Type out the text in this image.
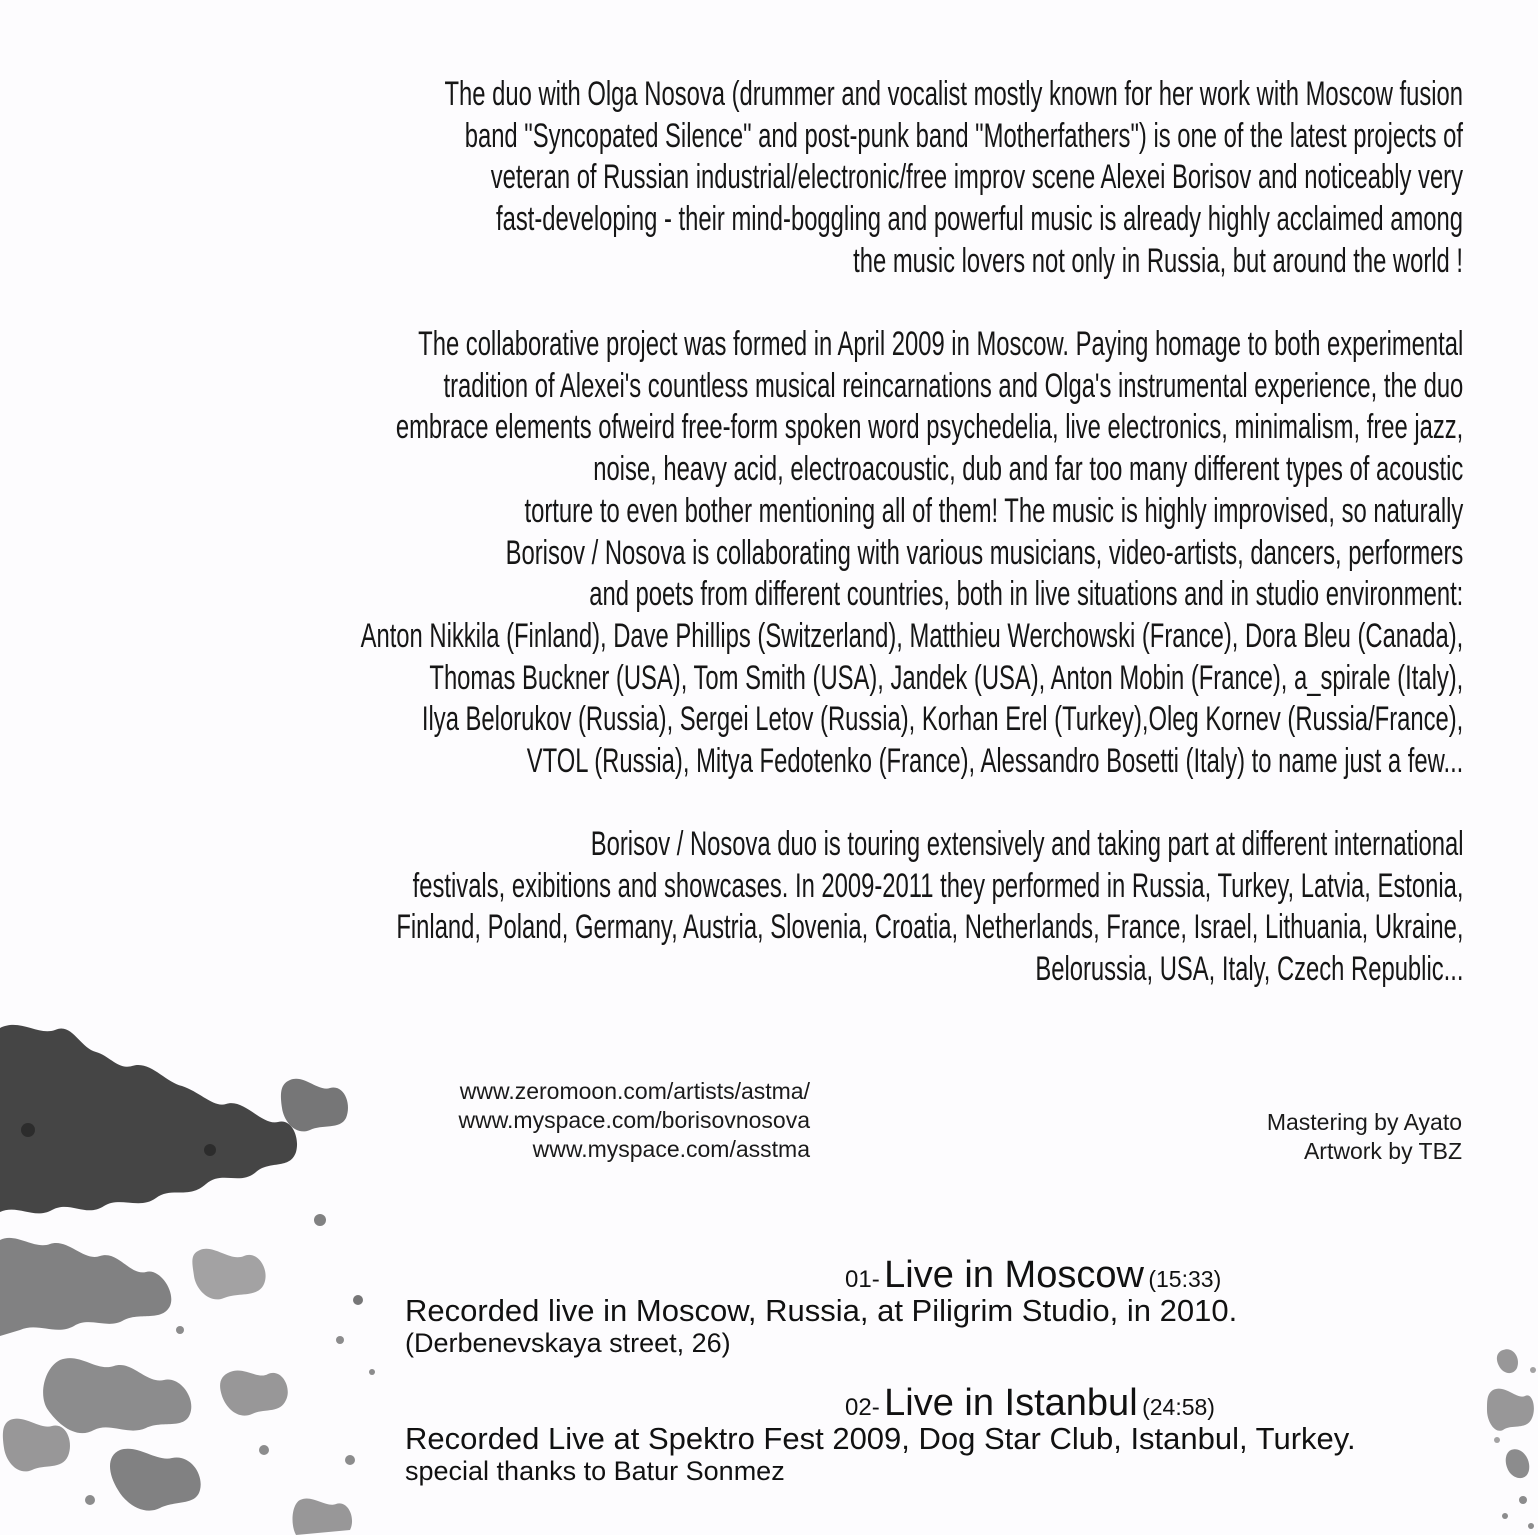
The duo with Olga Nosova (drummer and vocalist mostly known for her work with Moscow fusion
band "Syncopated Silence" and post-punk band "Motherfathers") is one of the latest projects of
veteran of Russian industrial/electronic/free improv scene Alexei Borisov and noticeably very
fast-developing - their mind-boggling and powerful music is already highly acclaimed among
the music lovers not only in Russia, but around the world !

The collaborative project was formed in April 2009 in Moscow. Paying homage to both experimental
tradition of Alexei's countless musical reincarnations and Olga's instrumental experience, the duo
embrace elements ofweird free-form spoken word psychedelia, live electronics, minimalism, free jazz,
noise, heavy acid, electroacoustic, dub and far too many different types of acoustic
torture to even bother mentioning all of them! The music is highly improvised, so naturally
Borisov / Nosova is collaborating with various musicians, video-artists, dancers, performers
and poets from different countries, both in live situations and in studio environment:
Anton Nikkila (Finland), Dave Phillips (Switzerland), Matthieu Werchowski (France), Dora Bleu (Canada),
Thomas Buckner (USA), Tom Smith (USA), Jandek (USA), Anton Mobin (France), a_spirale (Italy),
Ilya Belorukov (Russia), Sergei Letov (Russia), Korhan Erel (Turkey),Oleg Kornev (Russia/France),
VTOL (Russia), Mitya Fedotenko (France), Alessandro Bosetti (Italy) to name just a few...

Borisov / Nosova duo is touring extensively and taking part at different international
festivals, exibitions and showcases. In 2009-2011 they performed in Russia, Turkey, Latvia, Estonia,
Finland, Poland, Germany, Austria, Slovenia, Croatia, Netherlands, France, Israel, Lithuania, Ukraine,
Belorussia, USA, Italy, Czech Republic...

www.zeromoon.com/artists/astma/
www.myspace.com/borisovnosova
www.myspace.com/asstma
Mastering by Ayato
Artwork by TBZ
01- Live in Moscow (15:33)
Recorded live in Moscow, Russia, at Piligrim Studio, in 2010.
(Derbenevskaya street, 26)
02- Live in Istanbul (24:58)
Recorded Live at Spektro Fest 2009, Dog Star Club, Istanbul, Turkey.
special thanks to Batur Sonmez
